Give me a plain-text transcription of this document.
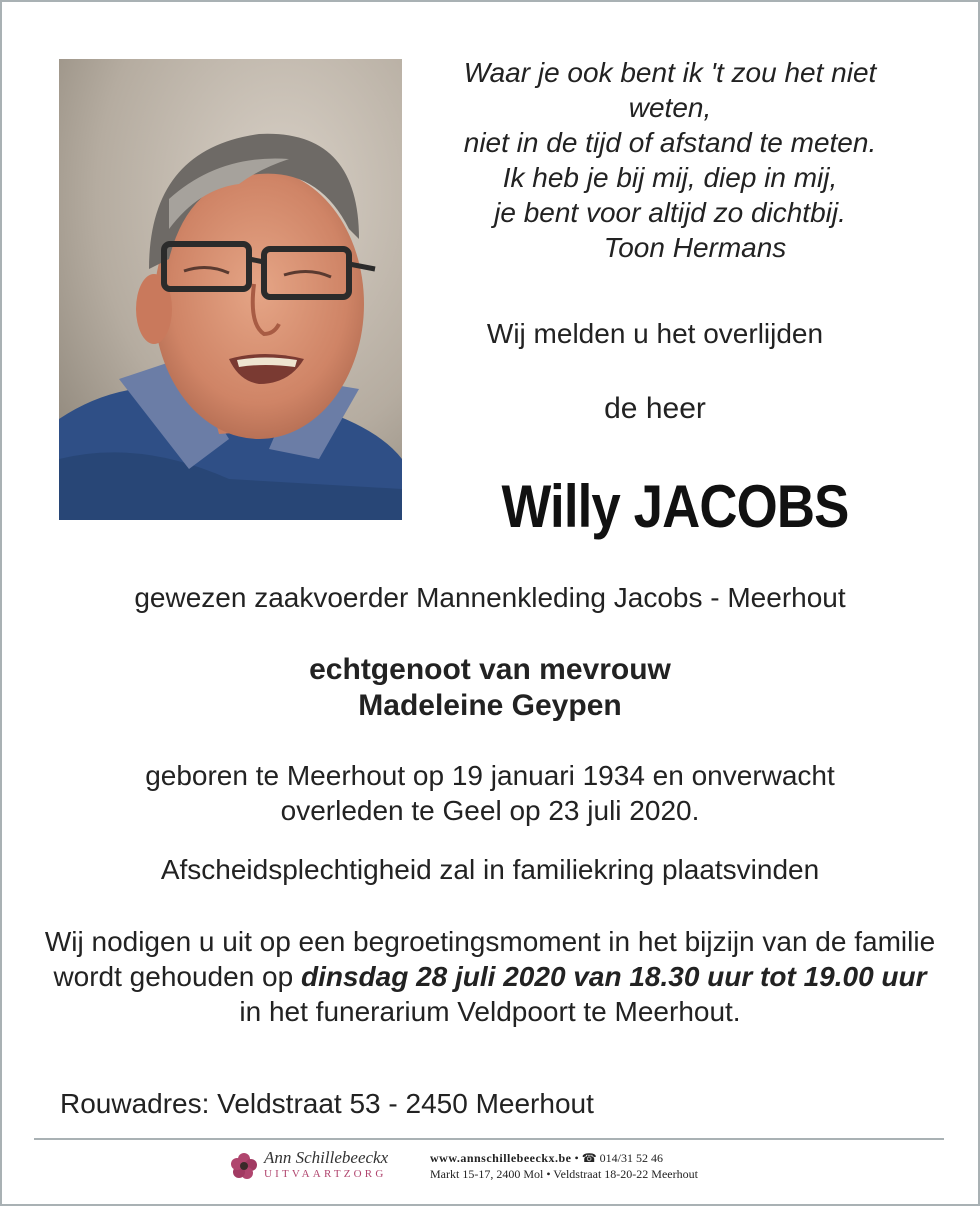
Waar je ook bent ik 't zou het niet
weten,
niet in de tijd of afstand te meten.
Ik heb je bij mij, diep in mij,
je bent voor altijd zo dichtbij.
Toon Hermans
Wij melden u het overlijden
de heer
Willy JACOBS
gewezen zaakvoerder Mannenkleding Jacobs - Meerhout
echtgenoot van mevrouw
Madeleine Geypen
geboren te Meerhout op 19 januari 1934 en onverwacht
overleden te Geel op 23 juli 2020.
Afscheidsplechtigheid zal in familiekring plaatsvinden
Wij nodigen u uit op een begroetingsmoment in het bijzijn van de familie wordt gehouden op dinsdag 28 juli 2020 van 18.30 uur tot 19.00 uur in het funerarium Veldpoort te Meerhout.
Rouwadres: Veldstraat 53 - 2450 Meerhout
Ann Schillebeeckx
UITVAARTZORG
www.annschillebeeckx.be • ☎ 014/31 52 46
Markt 15-17, 2400 Mol • Veldstraat 18-20-22 Meerhout
